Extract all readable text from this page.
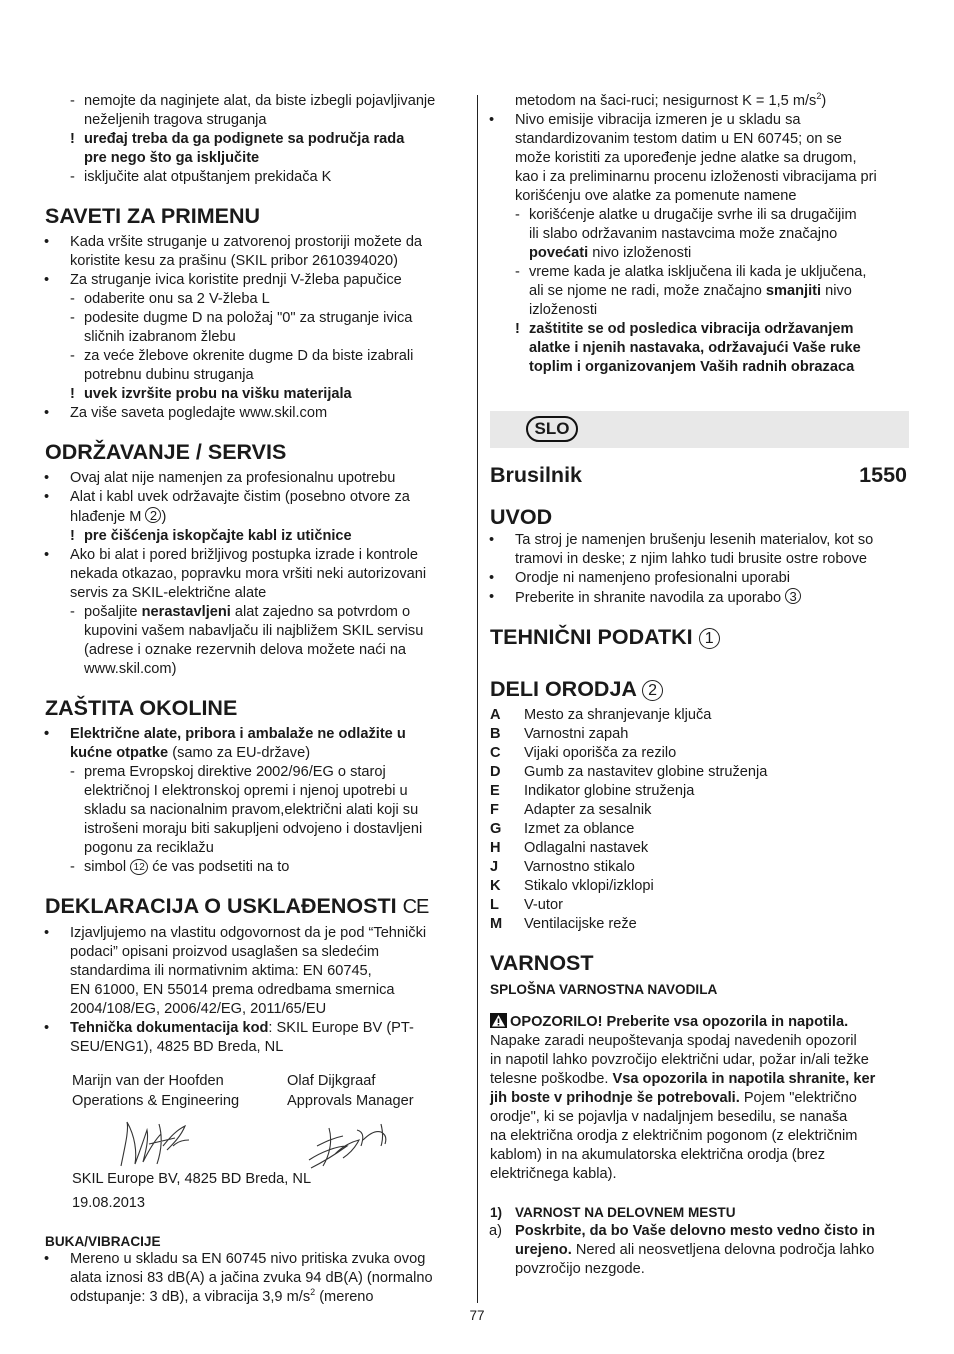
- nemojte da naginjete alat, da biste izbegli pojavljivanje
neželjenih tragova struganja
! uređaj treba da ga podignete sa područja rada
pre nego što ga isključite
- isključite alat otpuštanjem prekidača K
SAVETI ZA PRIMENU
• Kada vršite struganje u zatvorenoj prostoriji možete da
koristite kesu za prašinu (SKIL pribor 2610394020)
• Za struganje ivica koristite prednji V-žleba papučice
- odaberite onu sa 2 V-žleba L
- podesite dugme D na položaj "0" za struganje ivica
sličnih izabranom žlebu
- za veće žlebove okrenite dugme D da biste izabrali
potrebnu dubinu struganja
! uvek izvršite probu na višku materijala
• Za više saveta pogledajte www.skil.com
ODRŽAVANJE / SERVIS
• Ovaj alat nije namenjen za profesionalnu upotrebu
• Alat i kabl uvek održavajte čistim (posebno otvore za
hlađenje M 2 )
! pre čišćenja iskopčajte kabl iz utičnice
• Ako bi alat i pored brižljivog postupka izrade i kontrole
nekada otkazao, popravku mora vršiti neki autorizovani
servis za SKIL-električne alate
- pošaljite nerastavljeni alat zajedno sa potvrdom o
kupovini vašem nabavljaču ili najbližem SKIL servisu
(adrese i oznake rezervnih delova možete naći na
www.skil.com)
ZAŠTITA OKOLINE
• Električne alate, pribora i ambalaže ne odlažite u
kućne otpatke (samo za EU-države)
- prema Evropskoj direktive 2002/96/EG o staroj
električnoj I elektronskoj opremi i njenoj upotrebi u
skladu sa nacionalnim pravom,električni alati koji su
istrošeni moraju biti sakupljeni odvojeno i dostavljeni
pogonu za reciklažu
- simbol 12 će vas podsetiti na to
DEKLARACIJA O USKLAĐENOSTI CE
• Izjavljujemo na vlastitu odgovornost da je pod “Tehnički
podaci” opisani proizvod usaglašen sa sledećim
standardima ili normativnim aktima: EN 60745,
EN 61000, EN 55014 prema odredbama smernica
2004/108/EG, 2006/42/EG, 2011/65/EU
• Tehnička dokumentacija kod: SKIL Europe BV (PT-
SEU/ENG1), 4825 BD Breda, NL
Marijn van der Hoofden
Operations & Engineering
Olaf Dijkgraaf
Approvals Manager
SKIL Europe BV, 4825 BD Breda, NL
19.08.2013
BUKA/VIBRACIJE
• Mereno u skladu sa EN 60745 nivo pritiska zvuka ovog
alata iznosi 83 dB(A) a jačina zvuka 94 dB(A) (normalno
odstupanje: 3 dB), a vibracija 3,9 $m/s^2$ (mereno
metodom na šaci-ruci; nesigurnost K = 1,5 $m/s^2$)
• Nivo emisije vibracija izmeren je u skladu sa
standardizovanim testom datim u EN 60745; on se
može koristiti za upoređenje jedne alatke sa drugom,
kao i za preliminarnu procenu izloženosti vibracijama pri
korišćenju ove alatke za pomenute namene
- korišćenje alatke u drugačije svrhe ili sa drugačijim
ili slabo održavanim nastavcima može značajno
povećati nivo izloženosti
- vreme kada je alatka isključena ili kada je uključena,
ali se njome ne radi, može značajno smanjiti nivo
izloženosti
! zaštitite se od posledica vibracija održavanjem
alatke i njenih nastavaka, održavajući Vaše ruke
toplim i organizovanjem Vaših radnih obrazaca
SLO
Brusilnik	1550
UVOD
• Ta stroj je namenjen brušenju lesenih materialov, kot so
tramovi in deske; z njim lahko tudi brusite ostre robove
• Orodje ni namenjeno profesionalni uporabi
• Preberite in shranite navodila za uporabo 3
TEHNIČNI PODATKI 1
DELI ORODJA 2
A Mesto za shranjevanje ključa
B Varnostni zapah
C Vijaki oporišča za rezilo
D Gumb za nastavitev globine struženja
E Indikator globine struženja
F Adapter za sesalnik
G Izmet za oblance
H Odlagalni nastavek
J Varnostno stikalo
K Stikalo vklopi/izklopi
L V-utor
M Ventilacijske reže
VARNOST
SPLOŠNA VARNOSTNA NAVODILA
OPOZORILO! Preberite vsa opozorila in napotila.
Napake zaradi neupoštevanja spodaj navedenih opozoril
in napotil lahko povzročijo električni udar, požar in/ali težke
telesne poškodbe. Vsa opozorila in napotila shranite, ker
jih boste v prihodnje še potrebovali. Pojem "električno
orodje", ki se pojavlja v nadaljnjem besedilu, se nanaša
na električna orodja z električnim pogonom (z električnim
kablom) in na akumulatorska električna orodja (brez
električnega kabla).
1) VARNOST NA DELOVNEM MESTU
a) Poskrbite, da bo Vaše delovno mesto vedno čisto in
urejeno. Nered ali neosvetljena delovna področja lahko
povzročijo nezgode.
77
